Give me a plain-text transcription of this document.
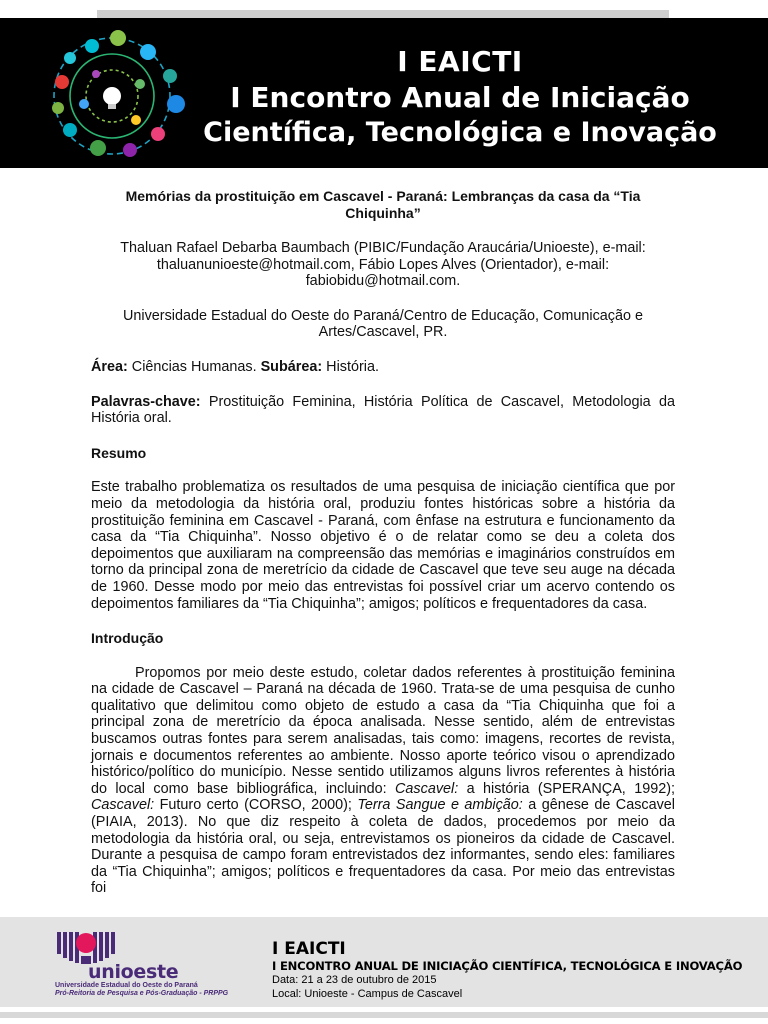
I EAICTI
I Encontro Anual de Iniciação
Científica, Tecnológica e Inovação

Memórias da prostituição em Cascavel - Paraná: Lembranças da casa da “Tia Chiquinha”

Thaluan Rafael Debarba Baumbach (PIBIC/Fundação Araucária/Unioeste), e-mail: thaluanunioeste@hotmail.com, Fábio Lopes Alves (Orientador), e-mail: fabiobidu@hotmail.com.

Universidade Estadual do Oeste do Paraná/Centro de Educação, Comunicação e Artes/Cascavel, PR.

Área: Ciências Humanas. Subárea: História.

Palavras-chave: Prostituição Feminina, História Política de Cascavel, Metodologia da História oral.

Resumo

Este trabalho problematiza os resultados de uma pesquisa de iniciação científica que por meio da metodologia da história oral, produziu fontes históricas sobre a história da prostituição feminina em Cascavel - Paraná, com ênfase na estrutura e funcionamento da casa da “Tia Chiquinha”. Nosso objetivo é o de relatar como se deu a coleta dos depoimentos que auxiliaram na compreensão das memórias e imaginários construídos em torno da principal zona de meretrício da cidade de Cascavel que teve seu auge na década de 1960. Desse modo por meio das entrevistas foi possível criar um acervo contendo os depoimentos familiares da “Tia Chiquinha”; amigos; políticos e frequentadores da casa.

Introdução

Propomos por meio deste estudo, coletar dados referentes à prostituição feminina na cidade de Cascavel – Paraná na década de 1960. Trata-se de uma pesquisa de cunho qualitativo que delimitou como objeto de estudo a casa da “Tia Chiquinha que foi a principal zona de meretrício da época analisada. Nesse sentido, além de entrevistas buscamos outras fontes para serem analisadas, tais como: imagens, recortes de revista, jornais e documentos referentes ao ambiente. Nosso aporte teórico visou o aprendizado histórico/político do município. Nesse sentido utilizamos alguns livros referentes à história do local como base bibliográfica, incluindo: Cascavel: a história (SPERANÇA, 1992); Cascavel: Futuro certo (CORSO, 2000); Terra Sangue e ambição: a gênese de Cascavel (PIAIA, 2013). No que diz respeito à coleta de dados, procedemos por meio da metodologia da história oral, ou seja, entrevistamos os pioneiros da cidade de Cascavel. Durante a pesquisa de campo foram entrevistados dez informantes, sendo eles: familiares da “Tia Chiquinha”; amigos; políticos e frequentadores da casa. Por meio das entrevistas foi

unioeste
Universidade Estadual do Oeste do Paraná
Pró-Reitoria de Pesquisa e Pós-Graduação - PRPPG
I EAICTI
I ENCONTRO ANUAL DE INICIAÇÃO CIENTÍFICA, TECNOLÓGICA E INOVAÇÃO
Data: 21 a 23 de outubro de 2015
Local: Unioeste - Campus de Cascavel
